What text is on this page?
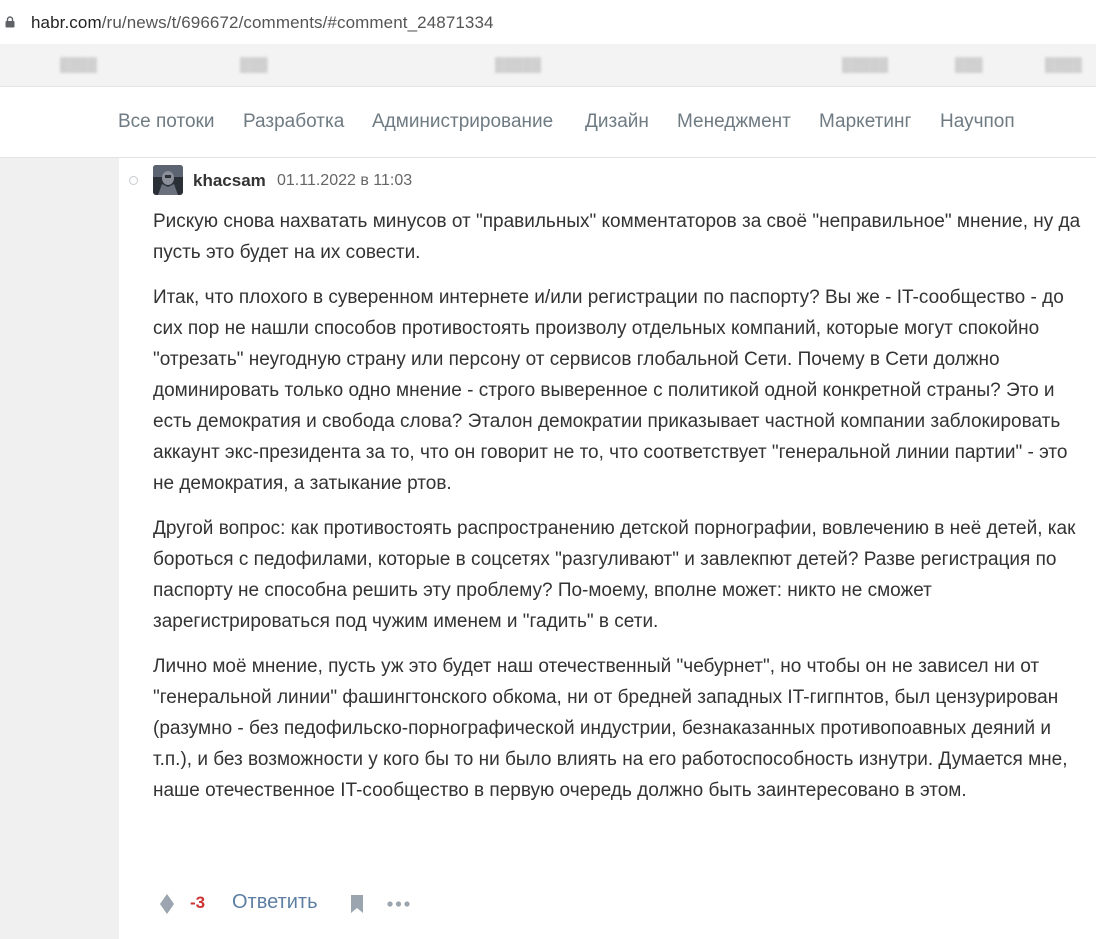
habr.com/ru/news/t/696672/comments/#comment_24871334
████	███	█████	█████	███	████
Все потоки Разработка Администрирование Дизайн Менеджмент Маркетинг Научпоп
khacsam 01.11.2022 в 11:03

Рискую снова нахватать минусов от "правильных" комментаторов за своё "неправильное" мнение, ну да пусть это будет на их совести.

Итак, что плохого в суверенном интернете и/или регистрации по паспорту? Вы же - IT-сообщество - до сих пор не нашли способов противостоять произволу отдельных компаний, которые могут спокойно "отрезать" неугодную страну или персону от сервисов глобальной Сети. Почему в Сети должно доминировать только одно мнение - строго выверенное с политикой одной конкретной страны? Это и есть демократия и свобода слова? Эталон демократии приказывает частной компании заблокировать аккаунт экс-президента за то, что он говорит не то, что соответствует "генеральной линии партии" - это не демократия, а затыкание ртов.

Другой вопрос: как противостоять распространению детской порнографии, вовлечению в неё детей, как бороться с педофилами, которые в соцсетях "разгуливают" и завлекпют детей? Разве регистрация по паспорту не способна решить эту проблему? По-моему, вполне может: никто не сможет зарегистрироваться под чужим именем и "гадить" в сети.

Лично моё мнение, пусть уж это будет наш отечественный "чебурнет", но чтобы он не зависел ни от "генеральной линии" фашингтонского обкома, ни от бредней западных IT-гигпнтов, был цензурирован (разумно - без педофильско-порнографической индустрии, безнаказанных противопоавных деяний и т.п.), и без возможности у кого бы то ни было влиять на его работоспособность изнутри. Думается мне, наше отечественное IT-сообщество в первую очередь должно быть заинтересовано в этом.

-3 Ответить
